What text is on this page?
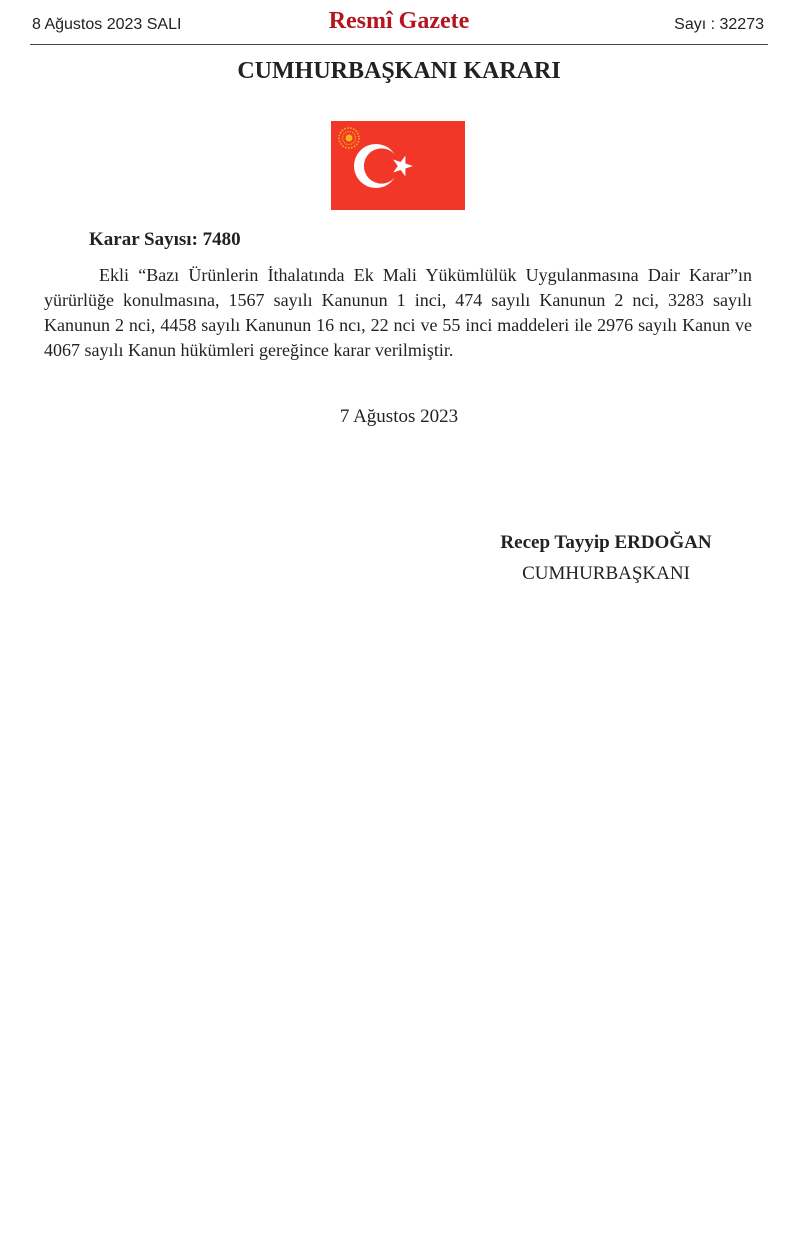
8 Ağustos 2023 SALI	Resmî Gazete	Sayı : 32273
CUMHURBAŞKANI KARARI
Karar Sayısı: 7480

Ekli “Bazı Ürünlerin İthalatında Ek Mali Yükümlülük Uygulanmasına Dair Karar”ın yürürlüğe konulmasına, 1567 sayılı Kanunun 1 inci, 474 sayılı Kanunun 2 nci, 3283 sayılı Kanunun 2 nci, 4458 sayılı Kanunun 16 ncı, 22 nci ve 55 inci maddeleri ile 2976 sayılı Kanun ve 4067 sayılı Kanun hükümleri gereğince karar verilmiştir.

7 Ağustos 2023
Recep Tayyip ERDOĞAN
CUMHURBAŞKANI
